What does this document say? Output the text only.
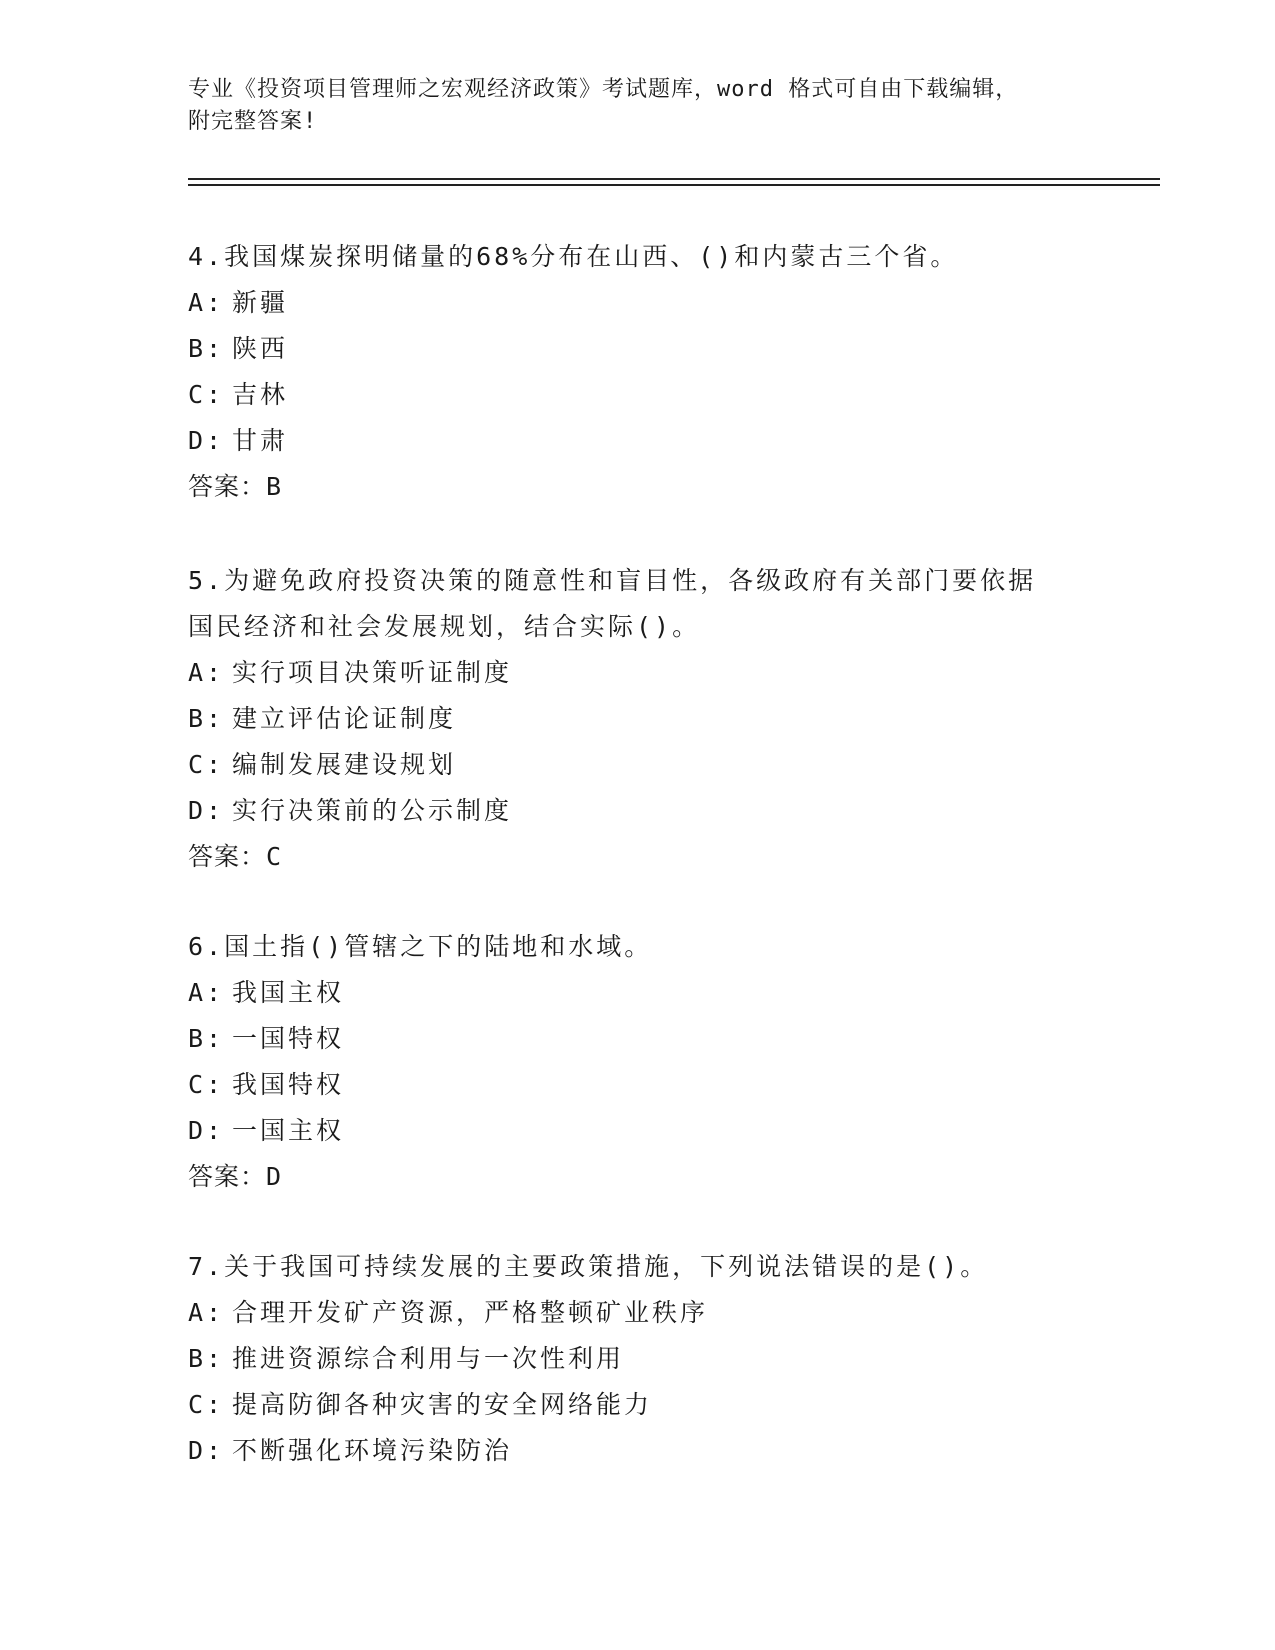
专业《投资项目管理师之宏观经济政策》考试题库，word 格式可自由下载编辑，
附完整答案!

4.我国煤炭探明储量的68%分布在山西、()和内蒙古三个省。

A: 新疆

B: 陕西

C: 吉林

D: 甘肃

答案：B

5.为避免政府投资决策的随意性和盲目性，各级政府有关部门要依据

国民经济和社会发展规划，结合实际()。

A: 实行项目决策听证制度

B: 建立评估论证制度

C: 编制发展建设规划

D: 实行决策前的公示制度

答案：C

6.国土指()管辖之下的陆地和水域。

A: 我国主权

B: 一国特权

C: 我国特权

D: 一国主权

答案：D

7.关于我国可持续发展的主要政策措施，下列说法错误的是()。

A: 合理开发矿产资源，严格整顿矿业秩序

B: 推进资源综合利用与一次性利用

C: 提高防御各种灾害的安全网络能力

D: 不断强化环境污染防治
